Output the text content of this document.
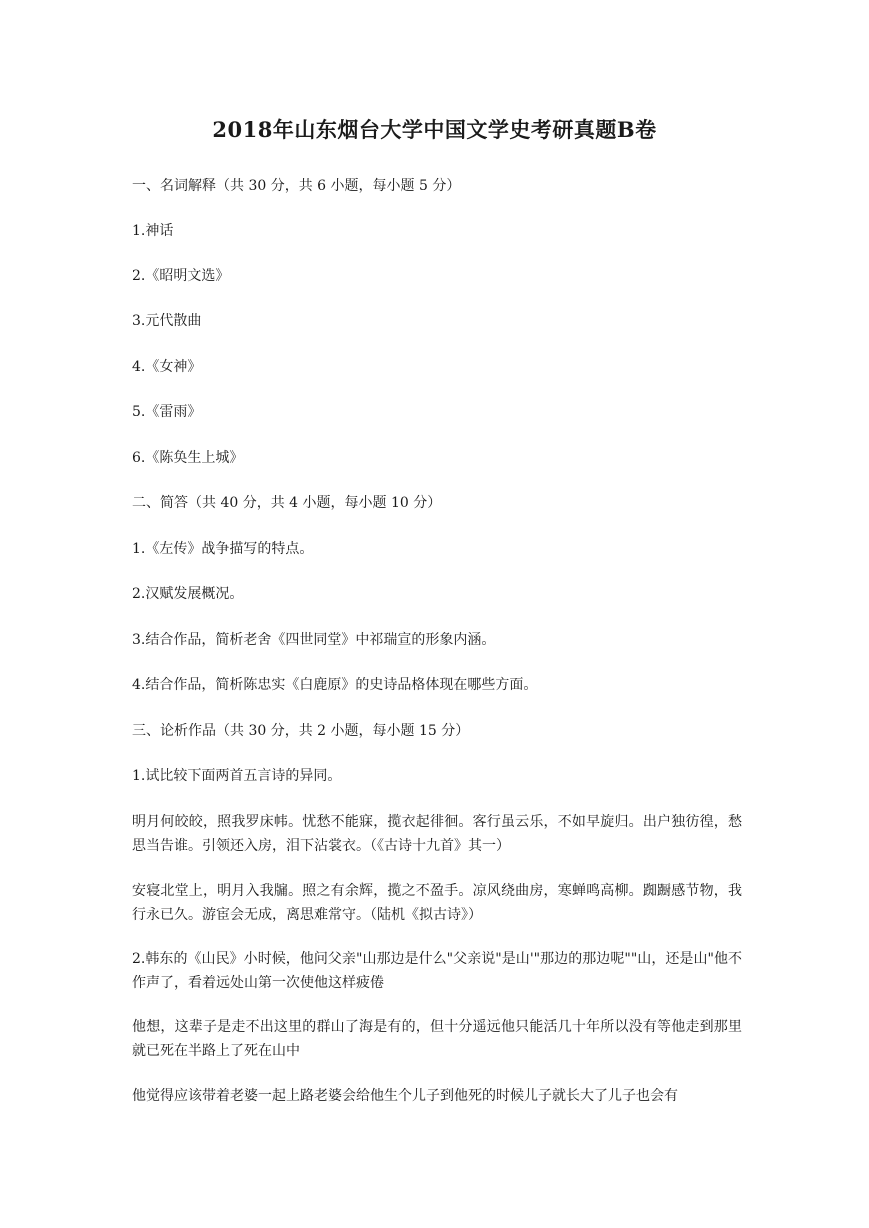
2018年山东烟台大学中国文学史考研真题B卷

一、名词解释（共 30 分，共 6 小题，每小题 5 分）

1.神话

2.《昭明文选》

3.元代散曲

4.《女神》

5.《雷雨》

6.《陈奂生上城》

二、简答（共 40 分，共 4 小题，每小题 10 分）

1.《左传》战争描写的特点。

2.汉赋发展概况。

3.结合作品，简析老舍《四世同堂》中祁瑞宣的形象内涵。

4.结合作品，简析陈忠实《白鹿原》的史诗品格体现在哪些方面。

三、论析作品（共 30 分，共 2 小题，每小题 15 分）

1.试比较下面两首五言诗的异同。

明月何皎皎，照我罗床帏。忧愁不能寐，揽衣起徘徊。客行虽云乐，不如早旋归。出户独彷徨，愁思当告谁。引领还入房，泪下沾裳衣。（《古诗十九首》其一）

安寝北堂上，明月入我牖。照之有余辉，揽之不盈手。凉风绕曲房，寒蝉鸣高柳。踟蹰感节物，我行永已久。游宦会无成，离思难常守。（陆机《拟古诗》）

2.韩东的《山民》小时候，他问父亲"山那边是什么"父亲说"是山'"那边的那边呢""山，还是山"他不作声了，看着远处山第一次使他这样疲倦

他想，这辈子是走不出这里的群山了海是有的，但十分遥远他只能活几十年所以没有等他走到那里就已死在半路上了死在山中

他觉得应该带着老婆一起上路老婆会给他生个儿子到他死的时候儿子就长大了儿子也会有
